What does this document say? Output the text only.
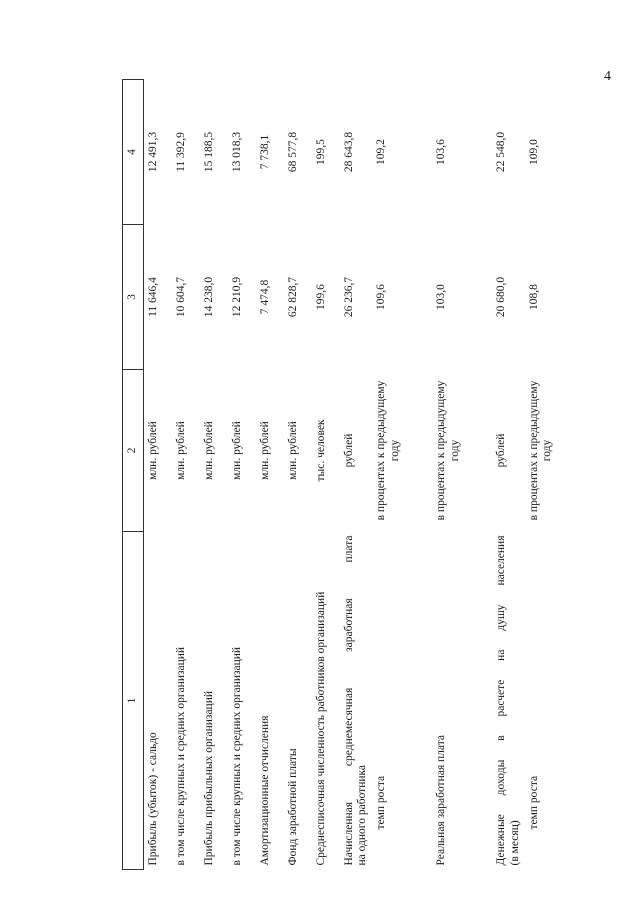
4
1	2	3	4
Прибыль (убыток) - сальдо	млн. рублей	11 646,4	12 491,3
в том числе крупных и средних организаций	млн. рублей	10 604,7	11 392,9
Прибыль прибыльных организаций	млн. рублей	14 238,0	15 188,5
в том числе крупных и средних организаций	млн. рублей	12 210,9	13 018,3
Амортизационные отчисления	млн. рублей	7 474,8	7 738,1
Фонд заработной платы	млн. рублей	62 828,7	68 577,8
Среднесписочная численность работников организаций	тыс. человек	199,6	199,5

Начисленная среднемесячная заработная плата на одного работника	рублей	26 236,7	28 643,8
темп роста	в процентах к предыдущему году	109,6	109,2
Реальная заработная плата	в процентах к предыдущему году	103,0	103,6

Денежные доходы в расчете на душу населения (в месяц)	рублей	20 680,0	22 548,0
темп роста	в процентах к предыдущему году	108,8	109,0
